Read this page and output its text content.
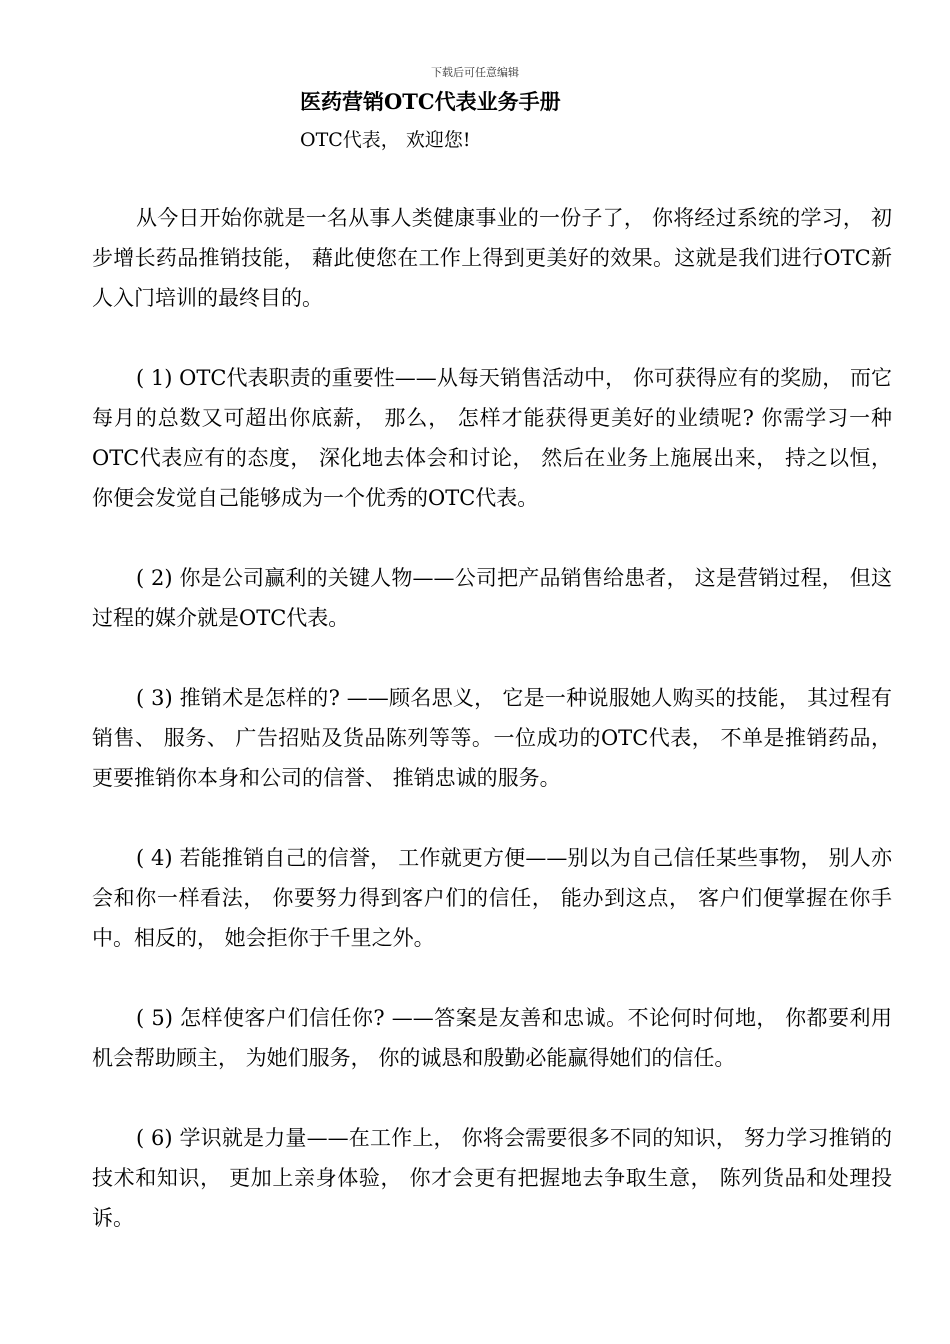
下载后可任意编辑
医药营销OTC代表业务手册
OTC代表， 欢迎您!

从今日开始你就是一名从事人类健康事业的一份子了， 你将经过系统的学习， 初步增长药品推销技能， 藉此使您在工作上得到更美好的效果。这就是我们进行OTC新人入门培训的最终目的。

( 1) OTC代表职责的重要性——从每天销售活动中， 你可获得应有的奖励， 而它每月的总数又可超出你底薪， 那么， 怎样才能获得更美好的业绩呢? 你需学习一种OTC代表应有的态度， 深化地去体会和讨论， 然后在业务上施展出来， 持之以恒， 你便会发觉自己能够成为一个优秀的OTC代表。

( 2) 你是公司赢利的关键人物——公司把产品销售给患者， 这是营销过程， 但这过程的媒介就是OTC代表。

( 3) 推销术是怎样的? ——顾名思义， 它是一种说服她人购买的技能， 其过程有销售、 服务、 广告招贴及货品陈列等等。一位成功的OTC代表， 不单是推销药品， 更要推销你本身和公司的信誉、 推销忠诚的服务。

( 4) 若能推销自己的信誉， 工作就更方便——别以为自己信任某些事物， 别人亦会和你一样看法， 你要努力得到客户们的信任， 能办到这点， 客户们便掌握在你手中。相反的， 她会拒你于千里之外。

( 5) 怎样使客户们信任你? ——答案是友善和忠诚。不论何时何地， 你都要利用机会帮助顾主， 为她们服务， 你的诚恳和殷勤必能赢得她们的信任。

( 6) 学识就是力量——在工作上， 你将会需要很多不同的知识， 努力学习推销的技术和知识， 更加上亲身体验， 你才会更有把握地去争取生意， 陈列货品和处理投诉。
